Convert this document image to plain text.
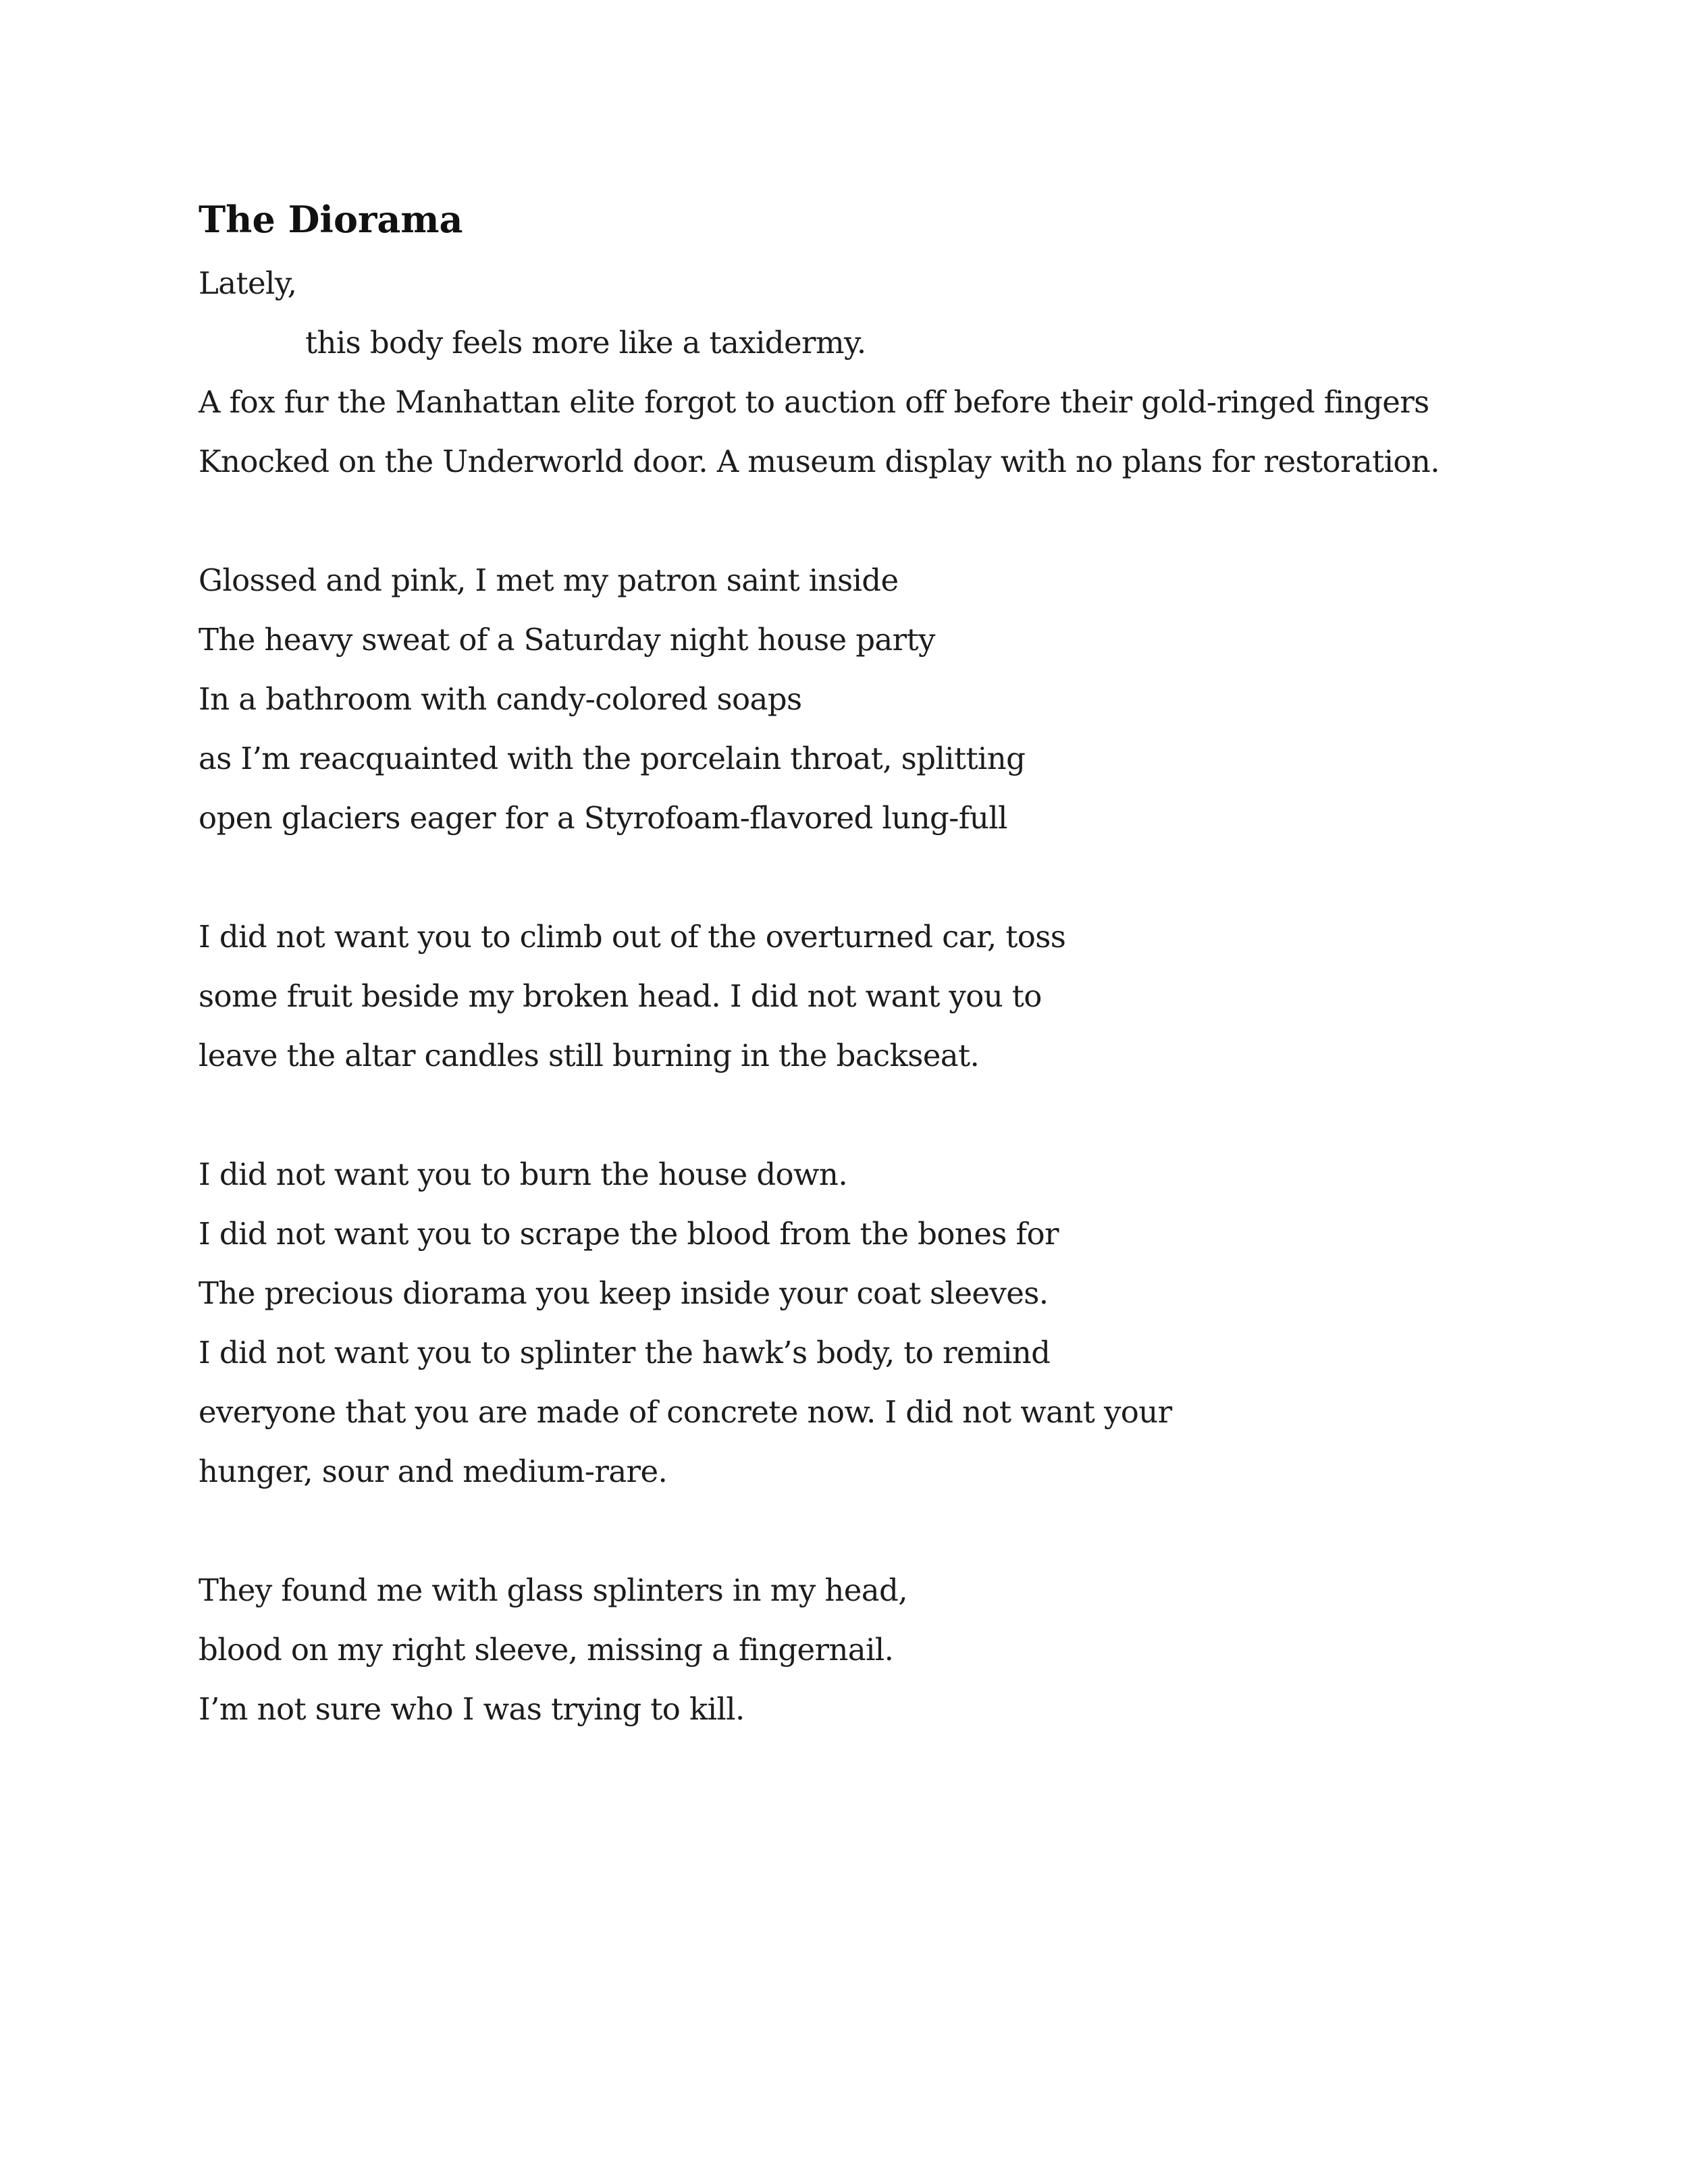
The Diorama
Lately,
this body feels more like a taxidermy.
A fox fur the Manhattan elite forgot to auction off before their gold-ringed fingers
Knocked on the Underworld door. A museum display with no plans for restoration.
Glossed and pink, I met my patron saint inside
The heavy sweat of a Saturday night house party
In a bathroom with candy-colored soaps
as I’m reacquainted with the porcelain throat, splitting
open glaciers eager for a Styrofoam-flavored lung-full
I did not want you to climb out of the overturned car, toss
some fruit beside my broken head. I did not want you to
leave the altar candles still burning in the backseat.
I did not want you to burn the house down.
I did not want you to scrape the blood from the bones for
The precious diorama you keep inside your coat sleeves.
I did not want you to splinter the hawk’s body, to remind
everyone that you are made of concrete now. I did not want your
hunger, sour and medium-rare.
They found me with glass splinters in my head,
blood on my right sleeve, missing a fingernail.
I’m not sure who I was trying to kill.
